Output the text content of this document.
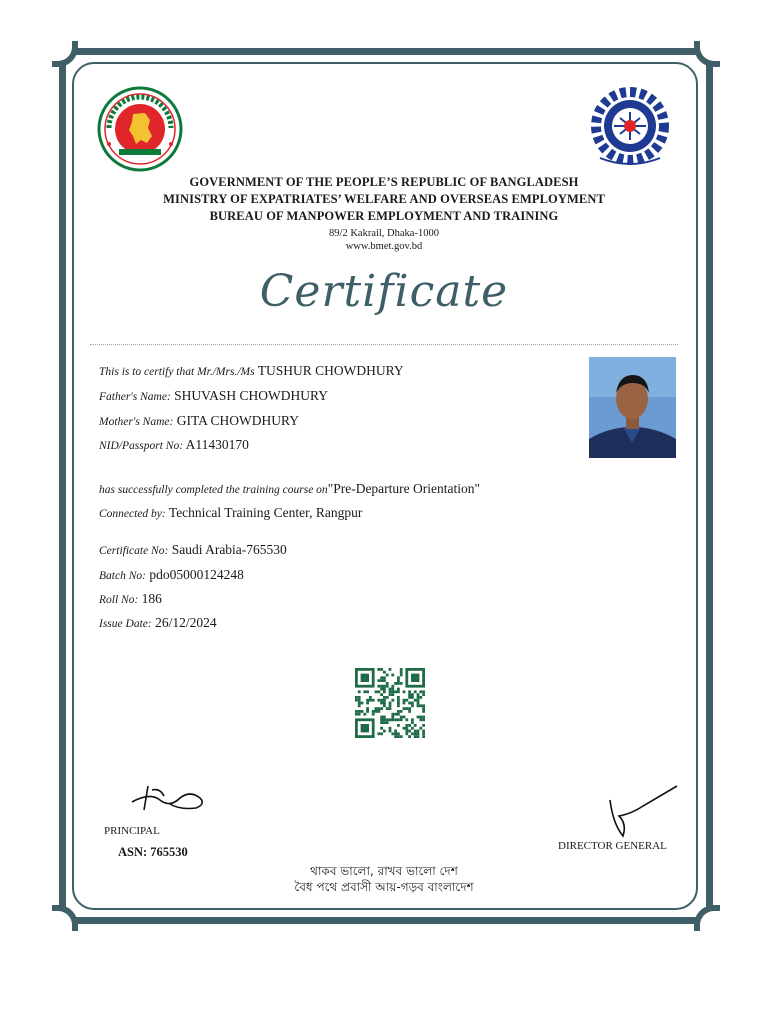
GOVERNMENT OF THE PEOPLE’S REPUBLIC OF BANGLADESH
MINISTRY OF EXPATRIATES’ WELFARE AND OVERSEAS EMPLOYMENT
BUREAU OF MANPOWER EMPLOYMENT AND TRAINING
89/2 Kakrail, Dhaka-1000
www.bmet.gov.bd
Certificate
This is to certify that Mr./Mrs./Ms TUSHUR CHOWDHURY
Father's Name: SHUVASH CHOWDHURY
Mother's Name: GITA CHOWDHURY
NID/Passport No: A11430170
has successfully completed the training course on"Pre-Departure Orientation"
Connected by: Technical Training Center, Rangpur
Certificate No: Saudi Arabia-765530
Batch No: pdo05000124248
Roll No: 186
Issue Date: 26/12/2024
PRINCIPAL
ASN: 765530	DIRECTOR GENERAL
থাকব ভালো, রাখব ভালো দেশ
বৈধ পথে প্রবাসী আয়-গড়ব বাংলাদেশ
